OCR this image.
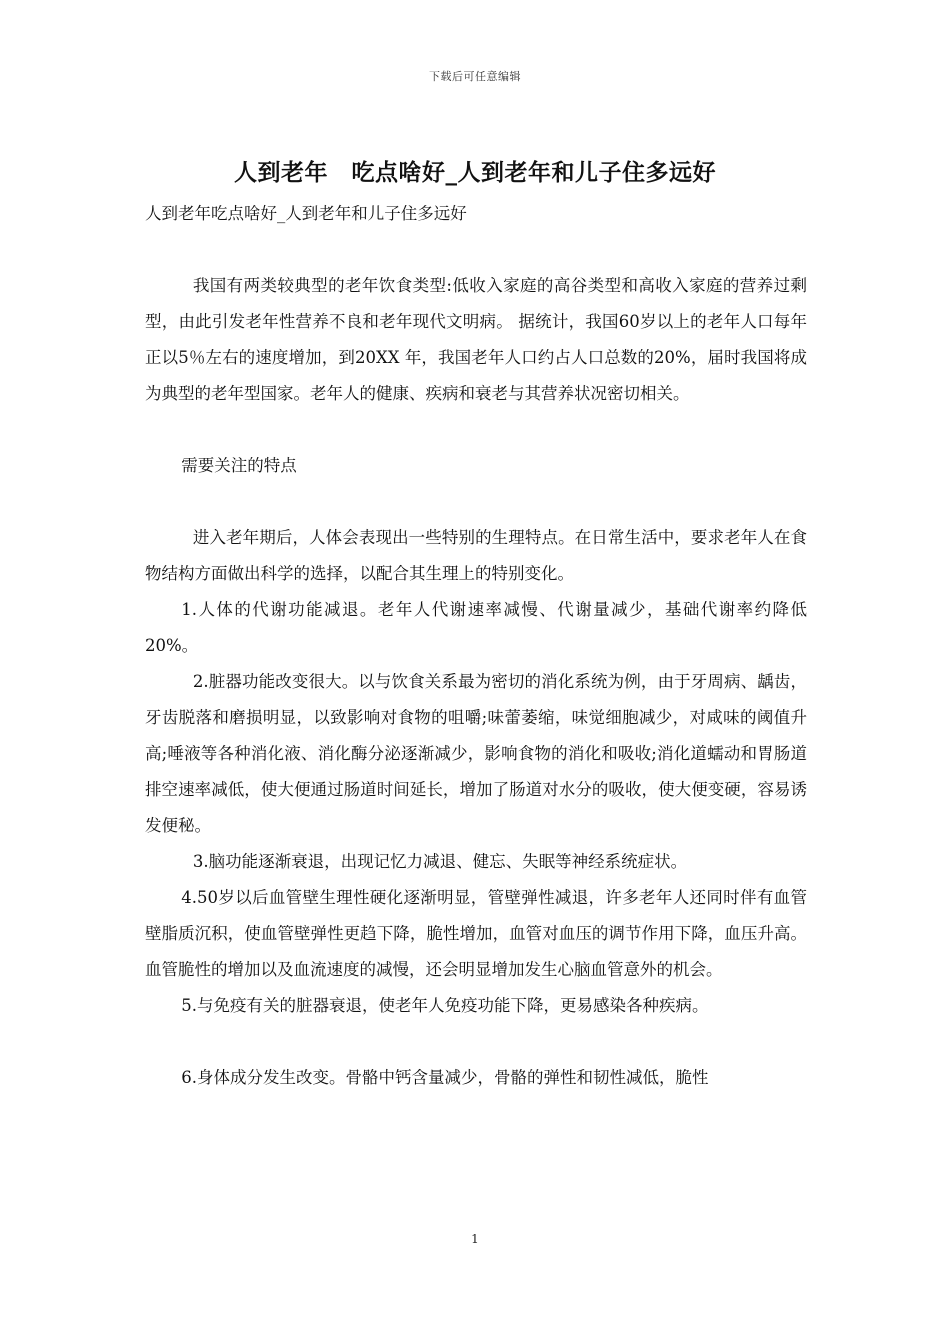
下载后可任意编辑
人到老年　吃点啥好_人到老年和儿子住多远好

人到老年吃点啥好_人到老年和儿子住多远好

我国有两类较典型的老年饮食类型:低收入家庭的高谷类型和高收入家庭的营养过剩型，由此引发老年性营养不良和老年现代文明病。 据统计，我国60岁以上的老年人口每年正以5％左右的速度增加，到20XX 年，我国老年人口约占人口总数的20%，届时我国将成为典型的老年型国家。老年人的健康、疾病和衰老与其营养状况密切相关。

需要关注的特点

进入老年期后，人体会表现出一些特别的生理特点。在日常生活中，要求老年人在食物结构方面做出科学的选择，以配合其生理上的特别变化。

1.人体的代谢功能减退。老年人代谢速率减慢、代谢量减少，基础代谢率约降低20%。

2.脏器功能改变很大。以与饮食关系最为密切的消化系统为例，由于牙周病、龋齿，牙齿脱落和磨损明显，以致影响对食物的咀嚼;味蕾萎缩，味觉细胞减少，对咸味的阈值升高;唾液等各种消化液、消化酶分泌逐渐减少，影响食物的消化和吸收;消化道蠕动和胃肠道排空速率减低，使大便通过肠道时间延长，增加了肠道对水分的吸收，使大便变硬，容易诱发便秘。

3.脑功能逐渐衰退，出现记忆力减退、健忘、失眠等神经系统症状。

4.50岁以后血管壁生理性硬化逐渐明显，管壁弹性减退，许多老年人还同时伴有血管壁脂质沉积，使血管壁弹性更趋下降，脆性增加，血管对血压的调节作用下降，血压升高。血管脆性的增加以及血流速度的减慢，还会明显增加发生心脑血管意外的机会。

5.与免疫有关的脏器衰退，使老年人免疫功能下降，更易感染各种疾病。

6.身体成分发生改变。骨骼中钙含量减少，骨骼的弹性和韧性减低，脆性

1
